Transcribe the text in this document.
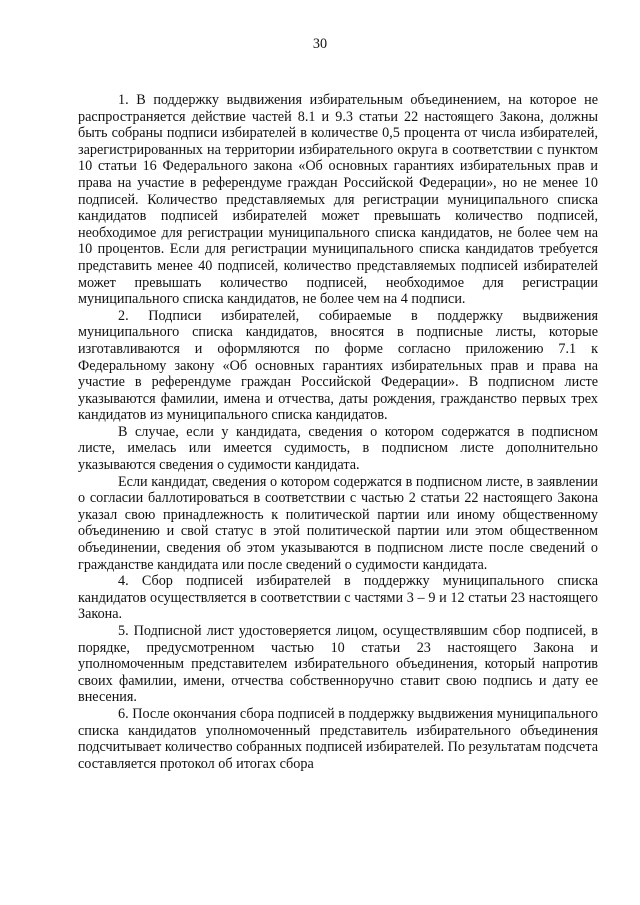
30

1. В поддержку выдвижения избирательным объединением, на которое не распространяется действие частей 8.1 и 9.3 статьи 22 настоящего Закона, должны быть собраны подписи избирателей в количестве 0,5 процента от числа избирателей, зарегистрированных на территории избирательного округа в соответствии с пунктом 10 статьи 16 Федерального закона «Об основных гарантиях избирательных прав и права на участие в референдуме граждан Российской Федерации», но не менее 10 подписей. Количество представляемых для регистрации муниципального списка кандидатов подписей избирателей может превышать количество подписей, необходимое для регистрации муниципального списка кандидатов, не более чем на 10 процентов. Если для регистрации муниципального списка кандидатов требуется представить менее 40 подписей, количество представляемых подписей избирателей может превышать количество подписей, необходимое для регистрации муниципального списка кандидатов, не более чем на 4 подписи.

2. Подписи избирателей, собираемые в поддержку выдвижения муниципального списка кандидатов, вносятся в подписные листы, которые изготавливаются и оформляются по форме согласно приложению 7.1 к Федеральному закону «Об основных гарантиях избирательных прав и права на участие в референдуме граждан Российской Федерации». В подписном листе указываются фамилии, имена и отчества, даты рождения, гражданство первых трех кандидатов из муниципального списка кандидатов.

В случае, если у кандидата, сведения о котором содержатся в подписном листе, имелась или имеется судимость, в подписном листе дополнительно указываются сведения о судимости кандидата.

Если кандидат, сведения о котором содержатся в подписном листе, в заявлении о согласии баллотироваться в соответствии с частью 2 статьи 22 настоящего Закона указал свою принадлежность к политической партии или иному общественному объединению и свой статус в этой политической партии или этом общественном объединении, сведения об этом указываются в подписном листе после сведений о гражданстве кандидата или после сведений о судимости кандидата.

4. Сбор подписей избирателей в поддержку муниципального списка кандидатов осуществляется в соответствии с частями 3 – 9 и 12 статьи 23 настоящего Закона.

5. Подписной лист удостоверяется лицом, осуществлявшим сбор подписей, в порядке, предусмотренном частью 10 статьи 23 настоящего Закона и уполномоченным представителем избирательного объединения, который напротив своих фамилии, имени, отчества собственноручно ставит свою подпись и дату ее внесения.

6. После окончания сбора подписей в поддержку выдвижения муниципального списка кандидатов уполномоченный представитель избирательного объединения подсчитывает количество собранных подписей избирателей. По результатам подсчета составляется протокол об итогах сбора
